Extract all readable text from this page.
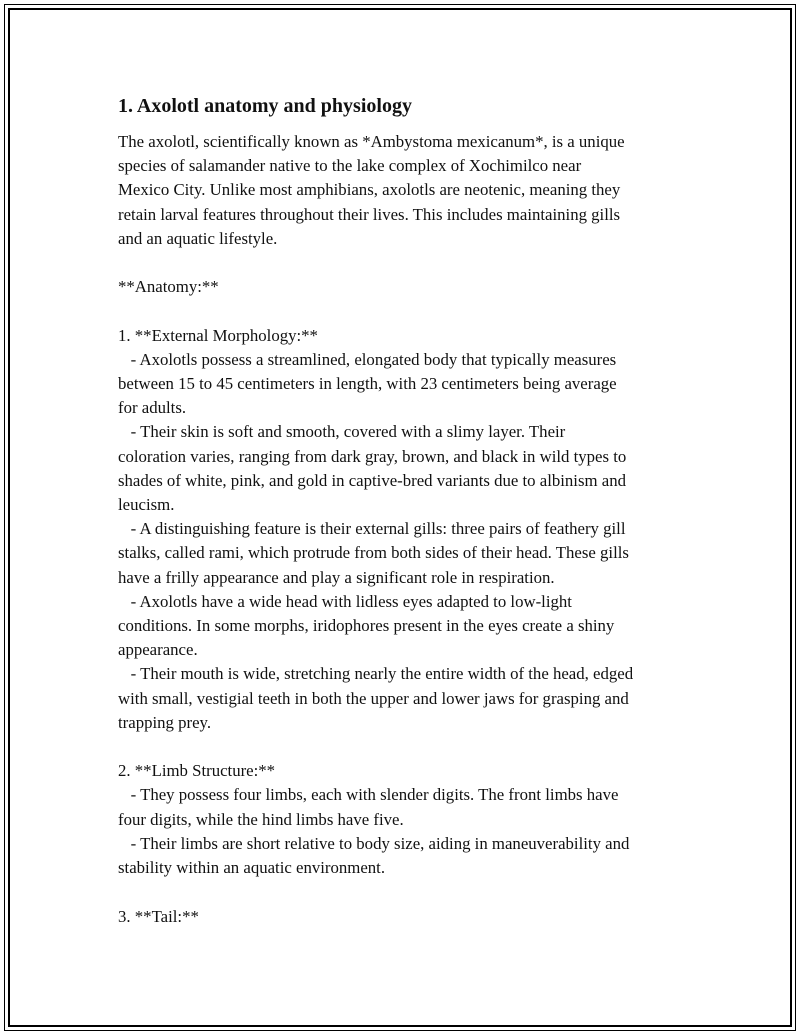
1. Axolotl anatomy and physiology
The axolotl, scientifically known as *Ambystoma mexicanum*, is a unique
species of salamander native to the lake complex of Xochimilco near
Mexico City. Unlike most amphibians, axolotls are neotenic, meaning they
retain larval features throughout their lives. This includes maintaining gills
and an aquatic lifestyle.

**Anatomy:**

1. **External Morphology:**
- Axolotls possess a streamlined, elongated body that typically measures
between 15 to 45 centimeters in length, with 23 centimeters being average
for adults.
- Their skin is soft and smooth, covered with a slimy layer. Their
coloration varies, ranging from dark gray, brown, and black in wild types to
shades of white, pink, and gold in captive-bred variants due to albinism and
leucism.
- A distinguishing feature is their external gills: three pairs of feathery gill
stalks, called rami, which protrude from both sides of their head. These gills
have a frilly appearance and play a significant role in respiration.
- Axolotls have a wide head with lidless eyes adapted to low-light
conditions. In some morphs, iridophores present in the eyes create a shiny
appearance.
- Their mouth is wide, stretching nearly the entire width of the head, edged
with small, vestigial teeth in both the upper and lower jaws for grasping and
trapping prey.

2. **Limb Structure:**
- They possess four limbs, each with slender digits. The front limbs have
four digits, while the hind limbs have five.
- Their limbs are short relative to body size, aiding in maneuverability and
stability within an aquatic environment.

3. **Tail:**
